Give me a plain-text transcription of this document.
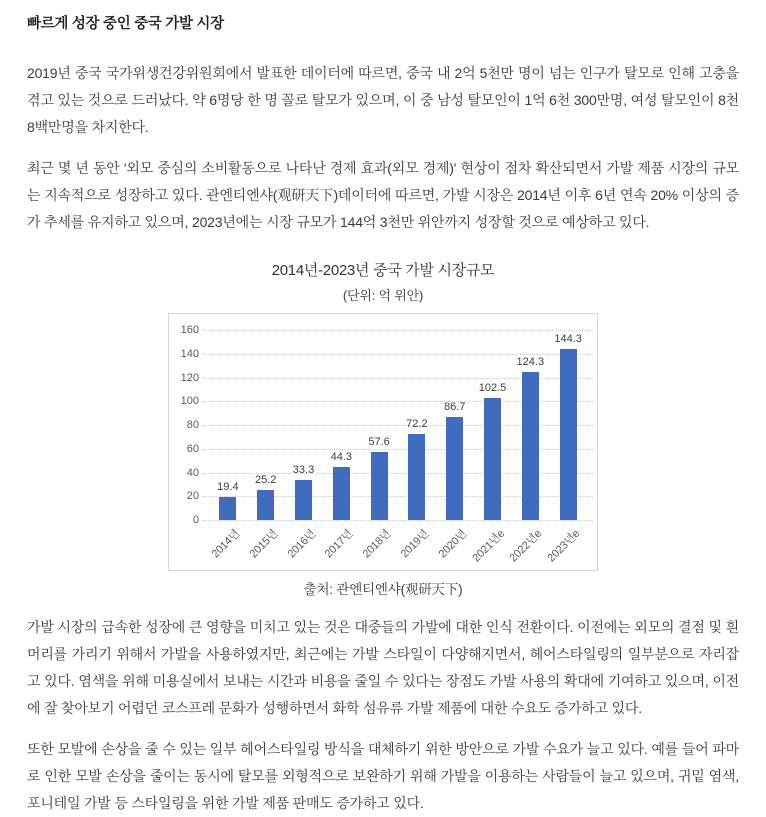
빠르게 성장 중인 중국 가발 시장

2019년 중국 국가위생건강위원회에서 발표한 데이터에 따르면, 중국 내 2억 5천만 명이 넘는 인구가 탈모로 인해 고충을 겪고 있는 것으로 드러났다. 약 6명당 한 명 꼴로 탈모가 있으며, 이 중 남성 탈모인이 1억 6천 300만명, 여성 탈모인이 8천 8백만명을 차지한다.

최근 몇 년 동안 '외모 중심의 소비활동으로 나타난 경제 효과(외모 경제)' 현상이 점차 확산되면서 가발 제품 시장의 규모는 지속적으로 성장하고 있다. 관엔티엔샤(观研天下)데이터에 따르면, 가발 시장은 2014년 이후 6년 연속 20% 이상의 증가 추세를 유지하고 있으며, 2023년에는 시장 규모가 144억 3천만 위안까지 성장할 것으로 예상하고 있다.

2014년-2023년 중국 가발 시장규모
(단위: 억 위안)
0
20
40
60
80
100
120
140
160
19.4
2014년
25.2
2015년
33.3
2016년
44.3
2017년
57.6
2018년
72.2
2019년
86.7
2020년
102.5
2021년e
124.3
2022년e
144.3
2023년e
출처: 관엔티엔샤(观研天下)

가발 시장의 급속한 성장에 큰 영향을 미치고 있는 것은 대중들의 가발에 대한 인식 전환이다. 이전에는 외모의 결점 및 흰머리를 가리기 위해서 가발을 사용하였지만, 최근에는 가발 스타일이 다양해지면서, 헤어스타일링의 일부분으로 자리잡고 있다. 염색을 위해 미용실에서 보내는 시간과 비용을 줄일 수 있다는 장점도 가발 사용의 확대에 기여하고 있으며, 이전에 잘 찾아보기 어렵던 코스프레 문화가 성행하면서 화학 섬유류 가발 제품에 대한 수요도 증가하고 있다.

또한 모발에 손상을 줄 수 있는 일부 헤어스타일링 방식을 대체하기 위한 방안으로 가발 수요가 늘고 있다. 예를 들어 파마로 인한 모발 손상을 줄이는 동시에 탈모를 외형적으로 보완하기 위해 가발을 이용하는 사람들이 늘고 있으며, 귀밑 염색, 포니테일 가발 등 스타일링을 위한 가발 제품 판매도 증가하고 있다.
